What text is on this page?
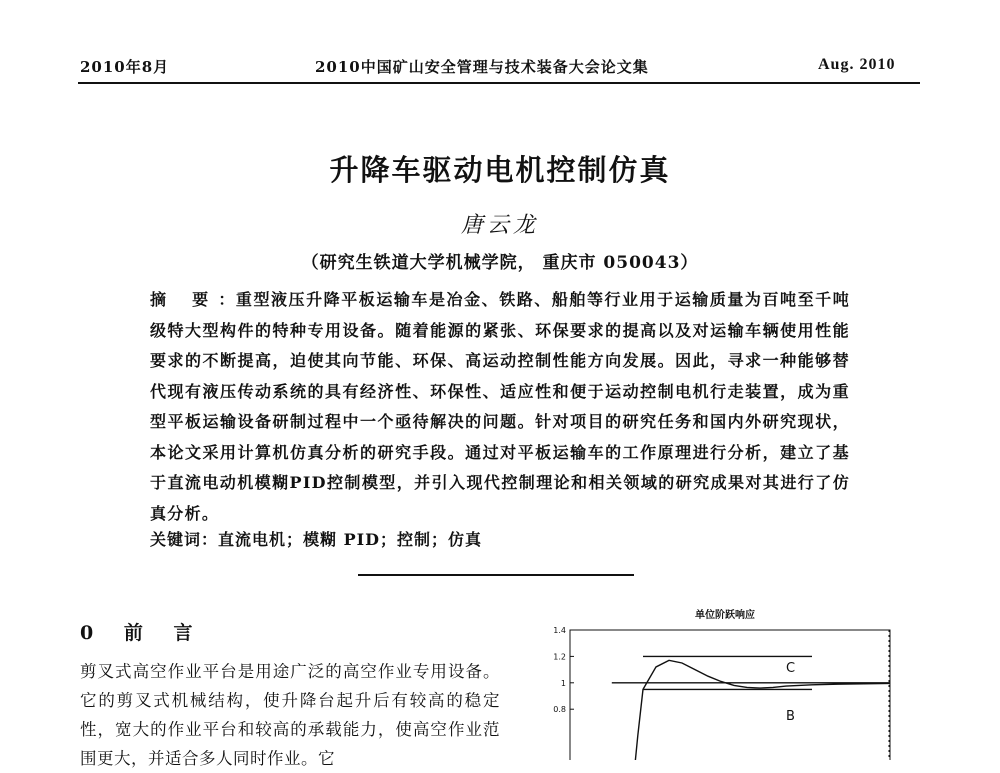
2010年8月	2010中国矿山安全管理与技术装备大会论文集	Aug. 2010
升降车驱动电机控制仿真
唐云龙
（研究生铁道大学机械学院， 重庆市 050043）
摘 要：重型液压升降平板运输车是冶金、铁路、船舶等行业用于运输质量为百吨至千吨级特大型构件的特种专用设备。随着能源的紧张、环保要求的提高以及对运输车辆使用性能要求的不断提高，迫使其向节能、环保、高运动控制性能方向发展。因此，寻求一种能够替代现有液压传动系统的具有经济性、环保性、适应性和便于运动控制电机行走装置，成为重型平板运输设备研制过程中一个亟待解决的问题。针对项目的研究任务和国内外研究现状，本论文采用计算机仿真分析的研究手段。通过对平板运输车的工作原理进行分析，建立了基于直流电动机模糊PID控制模型，并引入现代控制理论和相关领域的研究成果对其进行了仿真分析。
关键词：直流电机；模糊 PID；控制；仿真
0 前 言
剪叉式高空作业平台是用途广泛的高空作业专用设备。它的剪叉式机械结构，使升降台起升后有较高的稳定性，宽大的作业平台和较高的承载能力，使高空作业范围更大，并适合多人同时作业。它
单位阶跃响应
1.4
1.2
1
0.8
C
B
